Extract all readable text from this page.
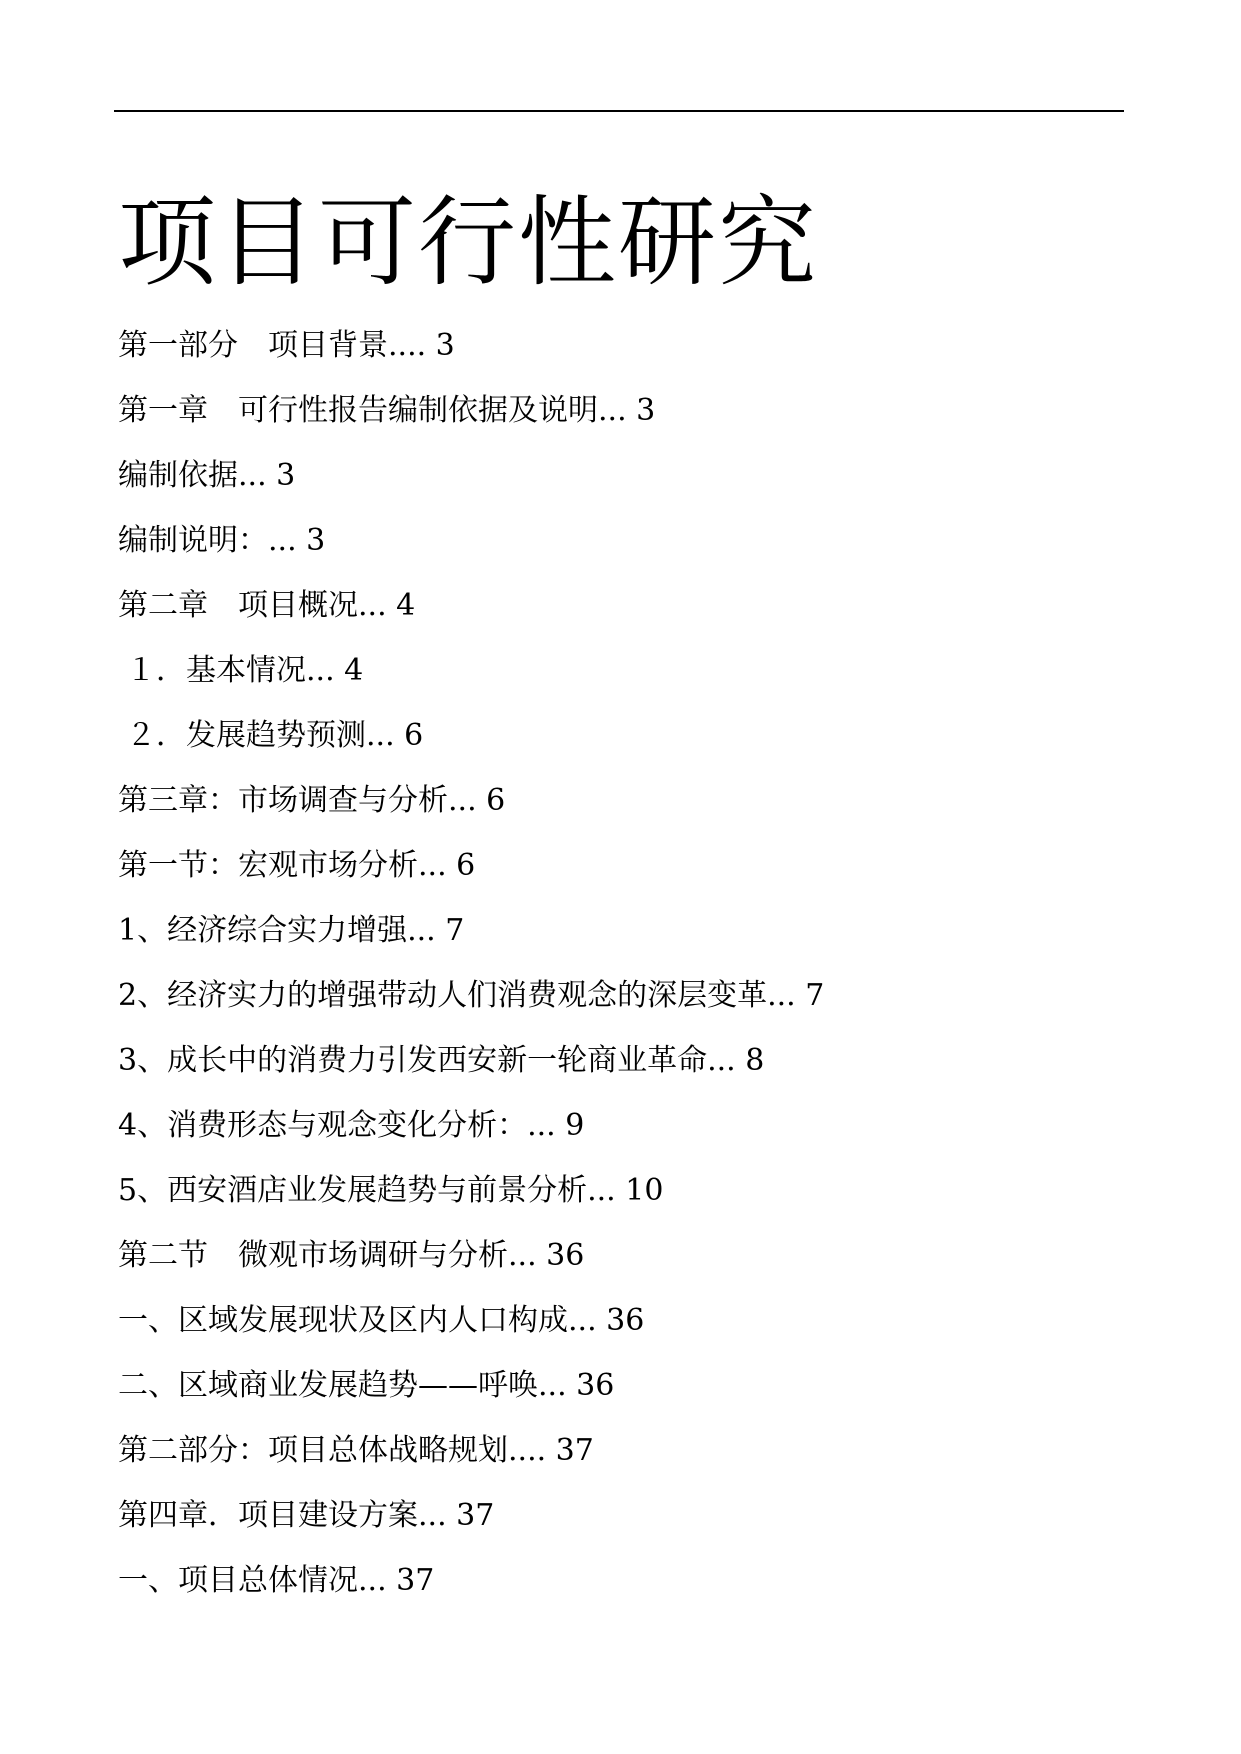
项目可行性研究
第一部分　项目背景.... 3
第一章　可行性报告编制依据及说明... 3
编制依据... 3
编制说明：... 3
第二章　项目概况... 4
１．基本情况... 4
２．发展趋势预测... 6
第三章：市场调查与分析... 6
第一节：宏观市场分析... 6
1、经济综合实力增强... 7
2、经济实力的增强带动人们消费观念的深层变革... 7
3、成长中的消费力引发西安新一轮商业革命... 8
4、消费形态与观念变化分析：... 9
5、西安酒店业发展趋势与前景分析... 10
第二节　微观市场调研与分析... 36
一、区域发展现状及区内人口构成... 36
二、区域商业发展趋势——呼唤... 36
第二部分：项目总体战略规划.... 37
第四章．项目建设方案... 37
一、项目总体情况... 37
